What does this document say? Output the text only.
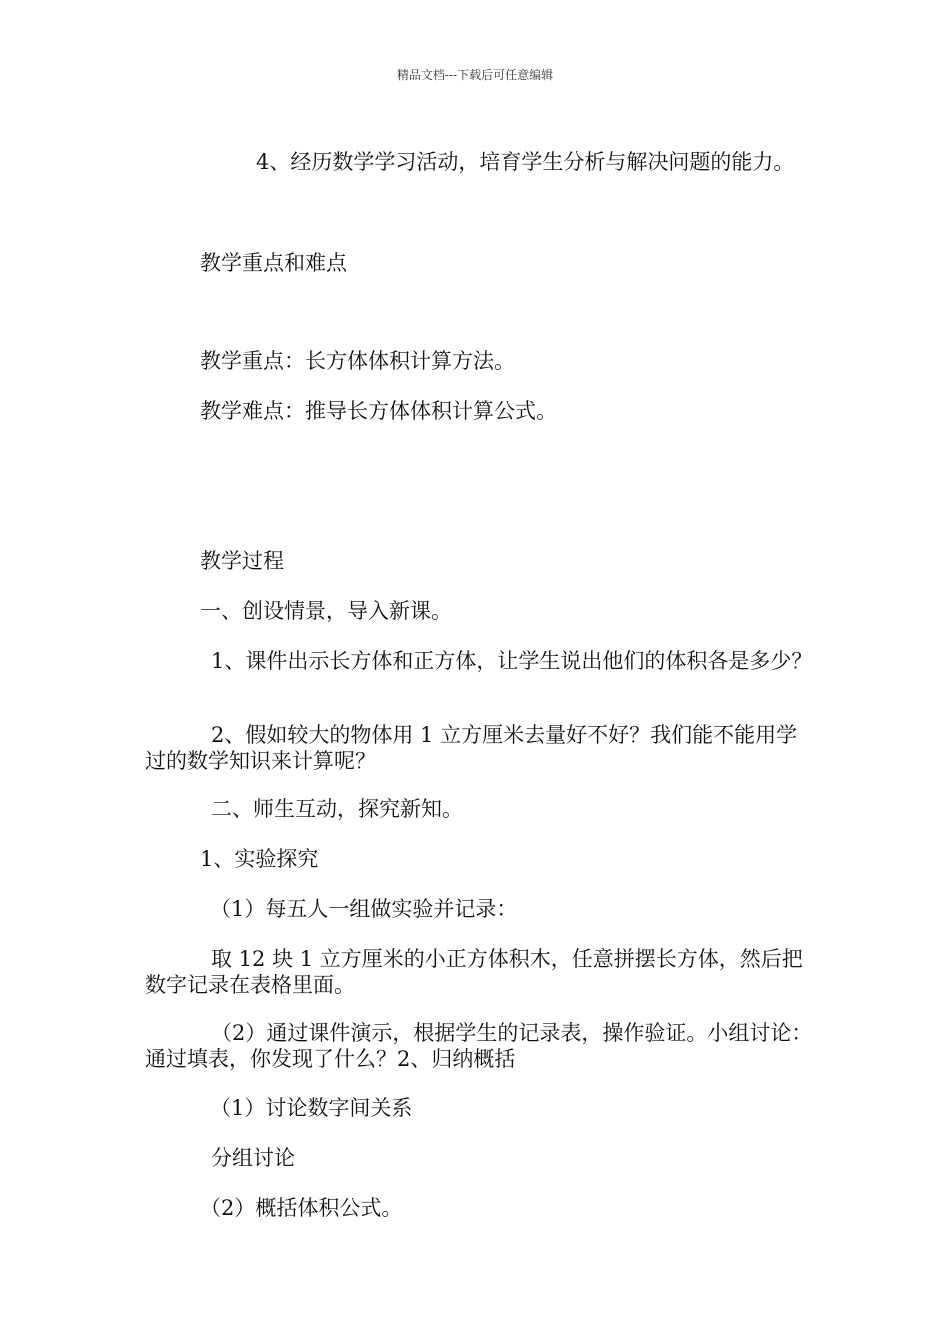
精品文档---下载后可任意编辑
4、经历数学学习活动，培育学生分析与解决问题的能力。
教学重点和难点
教学重点：长方体体积计算方法。
教学难点：推导长方体体积计算公式。
教学过程
一、创设情景，导入新课。
1、课件出示长方体和正方体，让学生说出他们的体积各是多少？
2、假如较大的物体用 1 立方厘米去量好不好？我们能不能用学过的数学知识来计算呢？
二、师生互动，探究新知。
1、实验探究
（1）每五人一组做实验并记录：
取 12 块 1 立方厘米的小正方体积木，任意拼摆长方体，然后把数字记录在表格里面。
（2）通过课件演示，根据学生的记录表，操作验证。小组讨论：通过填表，你发现了什么？2、归纳概括
（1）讨论数字间关系
分组讨论
（2）概括体积公式。
